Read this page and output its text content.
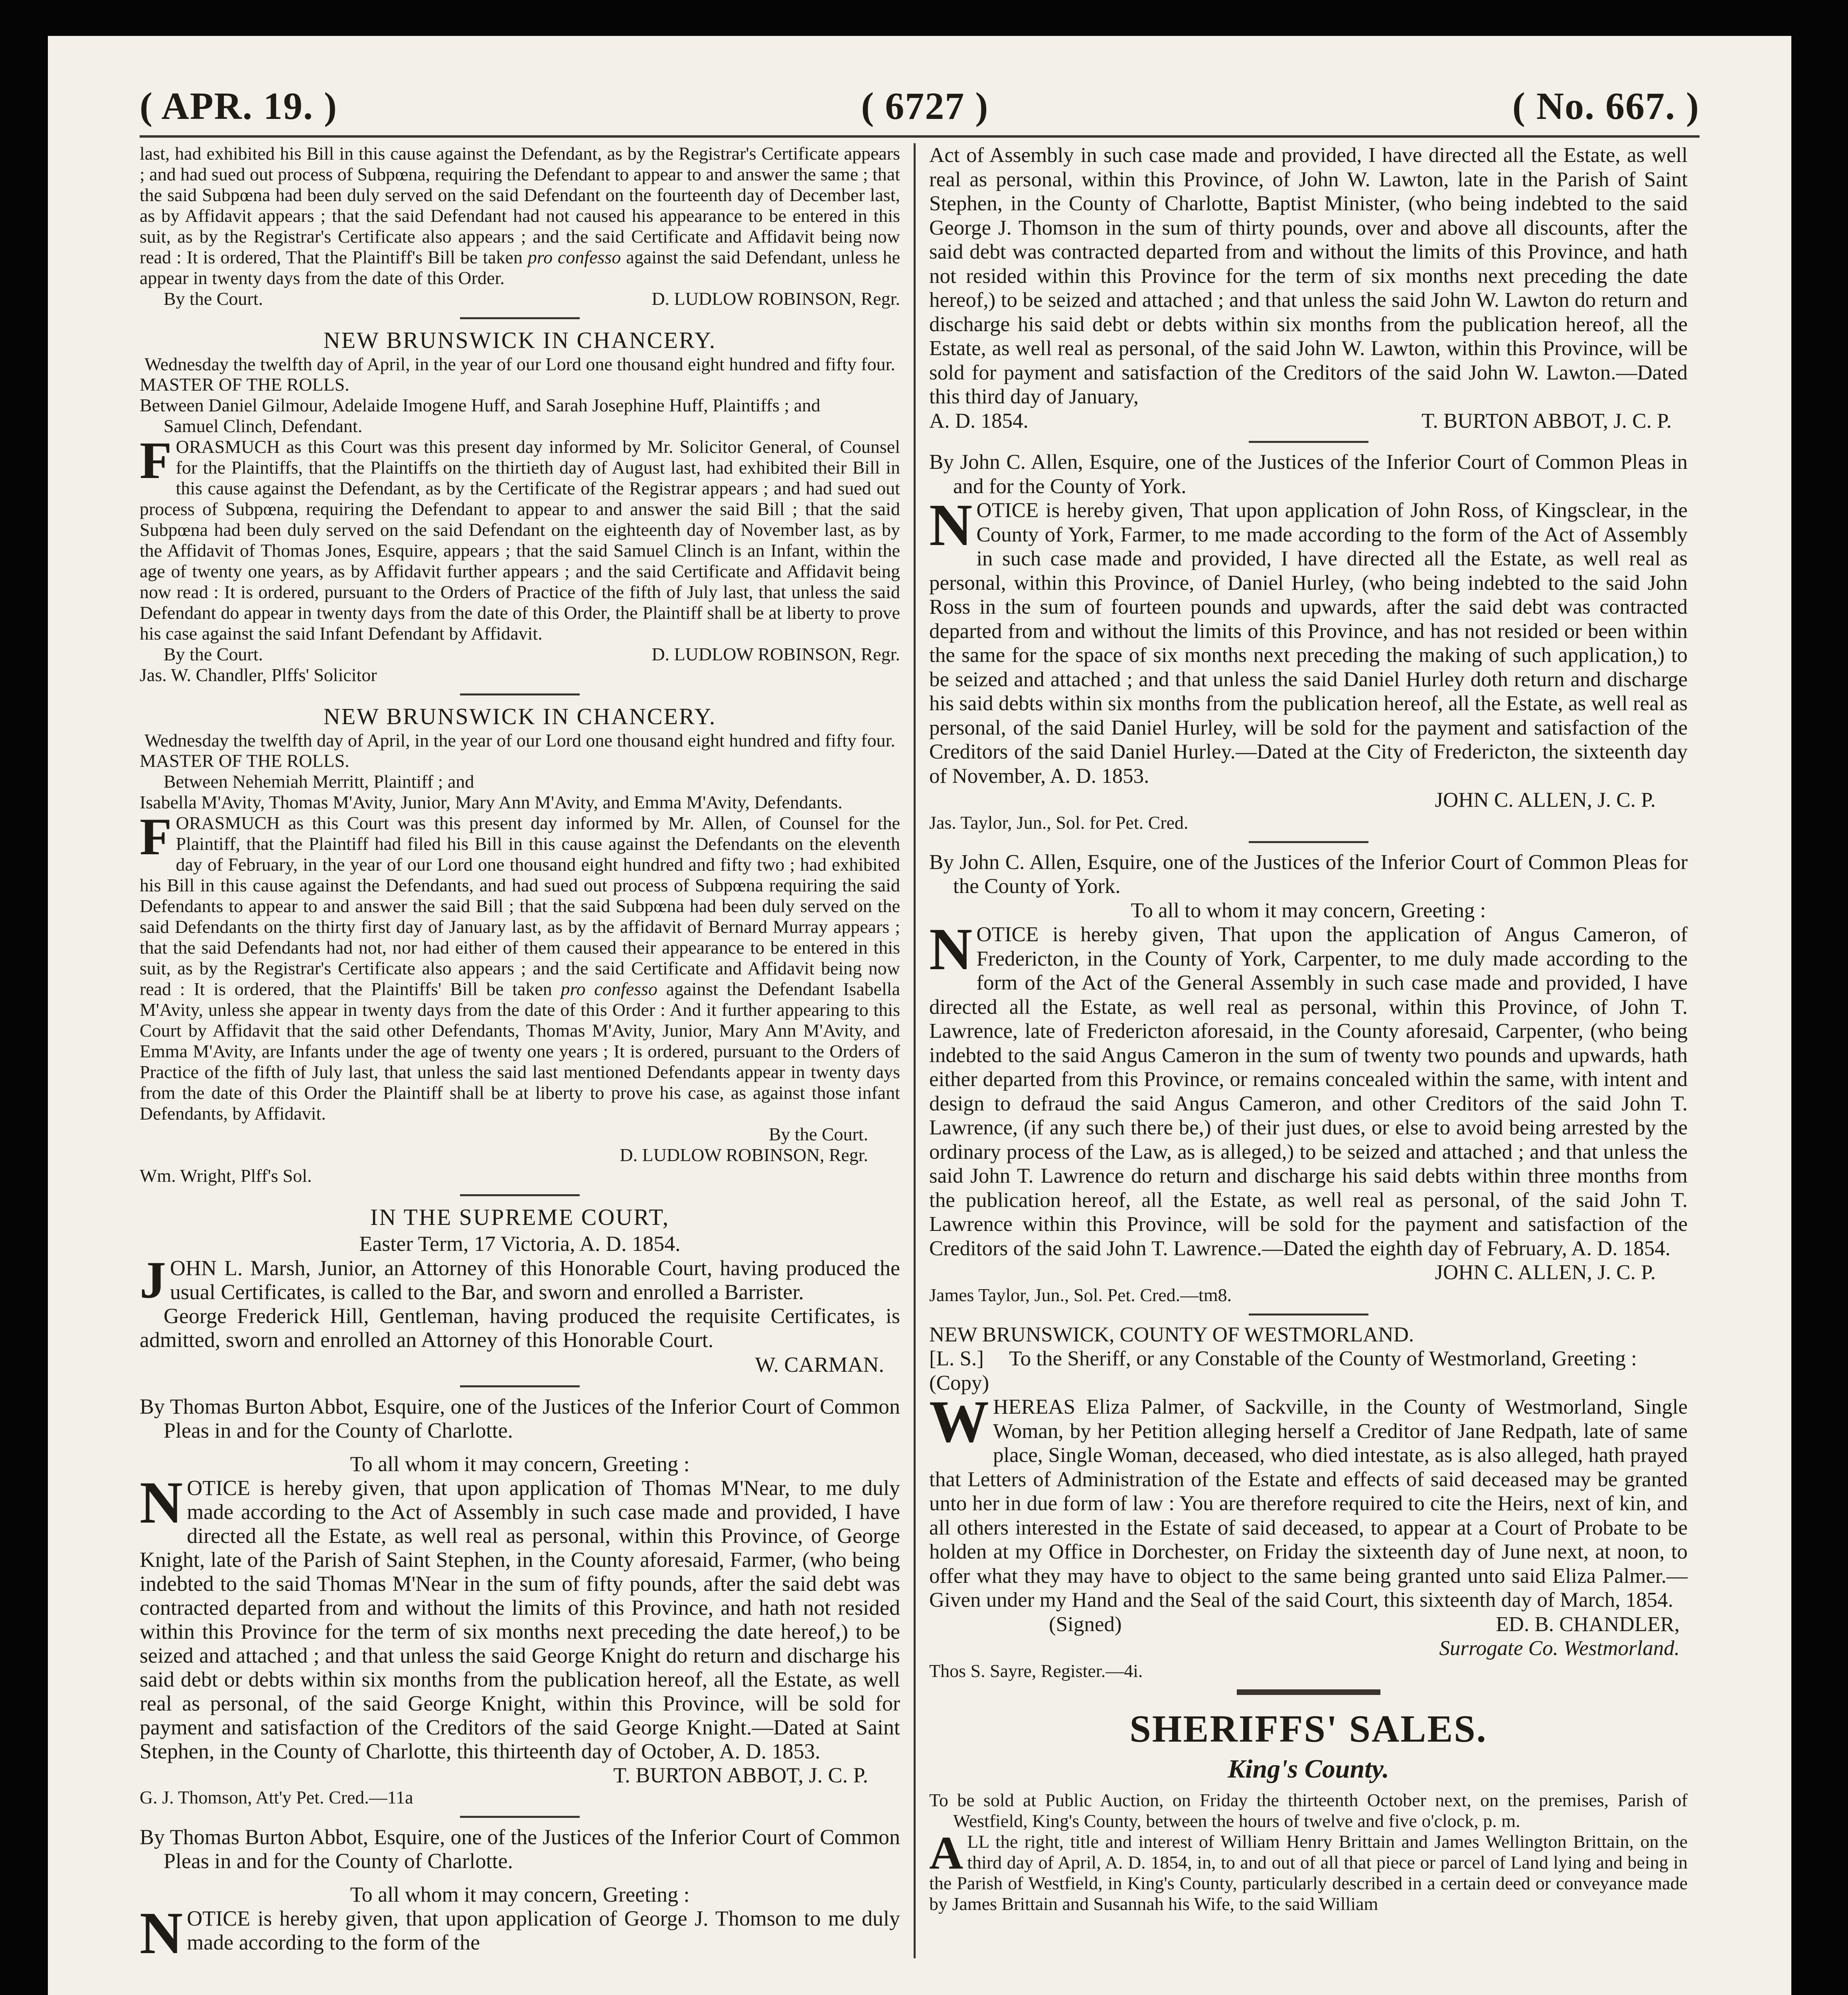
( APR. 19. )	( 6727 )	( No. 667. )

last, had exhibited his Bill in this cause against the Defendant, as by the Registrar's Certificate appears ; and had sued out process of Subpœna, requiring the Defendant to appear to and answer the same ; that the said Subpœna had been duly served on the said Defendant on the fourteenth day of December last, as by Affidavit appears ; that the said Defendant had not caused his appearance to be entered in this suit, as by the Registrar's Certificate also appears ; and the said Certificate and Affidavit being now read : It is ordered, That the Plaintiff's Bill be taken pro confesso against the said Defendant, unless he appear in twenty days from the date of this Order.

By the Court.	D. LUDLOW ROBINSON, Regr.
NEW BRUNSWICK IN CHANCERY.
Wednesday the twelfth day of April, in the year of our Lord one thousand eight hundred and fifty four.

MASTER OF THE ROLLS.

Between Daniel Gilmour, Adelaide Imogene Huff, and Sarah Josephine Huff, Plaintiffs ; and

Samuel Clinch, Defendant.

FORASMUCH as this Court was this present day informed by Mr. Solicitor General, of Counsel for the Plaintiffs, that the Plaintiffs on the thirtieth day of August last, had exhibited their Bill in this cause against the Defendant, as by the Certificate of the Registrar appears ; and had sued out process of Subpœna, requiring the Defendant to appear to and answer the said Bill ; that the said Subpœna had been duly served on the said Defendant on the eighteenth day of November last, as by the Affidavit of Thomas Jones, Esquire, appears ; that the said Samuel Clinch is an Infant, within the age of twenty one years, as by Affidavit further appears ; and the said Certificate and Affidavit being now read : It is ordered, pursuant to the Orders of Practice of the fifth of July last, that unless the said Defendant do appear in twenty days from the date of this Order, the Plaintiff shall be at liberty to prove his case against the said Infant Defendant by Affidavit.

By the Court.	D. LUDLOW ROBINSON, Regr.

Jas. W. Chandler, Plffs' Solicitor

NEW BRUNSWICK IN CHANCERY.
Wednesday the twelfth day of April, in the year of our Lord one thousand eight hundred and fifty four.

MASTER OF THE ROLLS.

Between Nehemiah Merritt, Plaintiff ; and

Isabella M'Avity, Thomas M'Avity, Junior, Mary Ann M'Avity, and Emma M'Avity, Defendants.

FORASMUCH as this Court was this present day informed by Mr. Allen, of Counsel for the Plaintiff, that the Plaintiff had filed his Bill in this cause against the Defendants on the eleventh day of February, in the year of our Lord one thousand eight hundred and fifty two ; had exhibited his Bill in this cause against the Defendants, and had sued out process of Subpœna requiring the said Defendants to appear to and answer the said Bill ; that the said Subpœna had been duly served on the said Defendants on the thirty first day of January last, as by the affidavit of Bernard Murray appears ; that the said Defendants had not, nor had either of them caused their appearance to be entered in this suit, as by the Registrar's Certificate also appears ; and the said Certificate and Affidavit being now read : It is ordered, that the Plaintiffs' Bill be taken pro confesso against the Defendant Isabella M'Avity, unless she appear in twenty days from the date of this Order : And it further appearing to this Court by Affidavit that the said other Defendants, Thomas M'Avity, Junior, Mary Ann M'Avity, and Emma M'Avity, are Infants under the age of twenty one years ; It is ordered, pursuant to the Orders of Practice of the fifth of July last, that unless the said last mentioned Defendants appear in twenty days from the date of this Order the Plaintiff shall be at liberty to prove his case, as against those infant Defendants, by Affidavit.

By the Court.

D. LUDLOW ROBINSON, Regr.

Wm. Wright, Plff's Sol.

IN THE SUPREME COURT,
Easter Term, 17 Victoria, A. D. 1854.

JOHN L. Marsh, Junior, an Attorney of this Honorable Court, having produced the usual Certificates, is called to the Bar, and sworn and enrolled a Barrister.

George Frederick Hill, Gentleman, having produced the requisite Certificates, is admitted, sworn and enrolled an Attorney of this Honorable Court.

W. CARMAN.

By Thomas Burton Abbot, Esquire, one of the Justices of the Inferior Court of Common Pleas in and for the County of Charlotte.

To all whom it may concern, Greeting :

NOTICE is hereby given, that upon application of Thomas M'Near, to me duly made according to the Act of Assembly in such case made and provided, I have directed all the Estate, as well real as personal, within this Province, of George Knight, late of the Parish of Saint Stephen, in the County aforesaid, Farmer, (who being indebted to the said Thomas M'Near in the sum of fifty pounds, after the said debt was contracted departed from and without the limits of this Province, and hath not resided within this Province for the term of six months next preceding the date hereof,) to be seized and attached ; and that unless the said George Knight do return and discharge his said debt or debts within six months from the publication hereof, all the Estate, as well real as personal, of the said George Knight, within this Province, will be sold for payment and satisfaction of the Creditors of the said George Knight.—Dated at Saint Stephen, in the County of Charlotte, this thirteenth day of October, A. D. 1853.

T. BURTON ABBOT, J. C. P.

G. J. Thomson, Att'y Pet. Cred.—11a

By Thomas Burton Abbot, Esquire, one of the Justices of the Inferior Court of Common Pleas in and for the County of Charlotte.

To all whom it may concern, Greeting :

NOTICE is hereby given, that upon application of George J. Thomson to me duly made according to the form of the

Act of Assembly in such case made and provided, I have directed all the Estate, as well real as personal, within this Province, of John W. Lawton, late in the Parish of Saint Stephen, in the County of Charlotte, Baptist Minister, (who being indebted to the said George J. Thomson in the sum of thirty pounds, over and above all discounts, after the said debt was contracted departed from and without the limits of this Province, and hath not resided within this Province for the term of six months next preceding the date hereof,) to be seized and attached ; and that unless the said John W. Lawton do return and discharge his said debt or debts within six months from the publication hereof, all the Estate, as well real as personal, of the said John W. Lawton, within this Province, will be sold for payment and satisfaction of the Creditors of the said John W. Lawton.—Dated this third day of January,

A. D. 1854.	T. BURTON ABBOT, J. C. P.

By John C. Allen, Esquire, one of the Justices of the Inferior Court of Common Pleas in and for the County of York.

NOTICE is hereby given, That upon application of John Ross, of Kingsclear, in the County of York, Farmer, to me made according to the form of the Act of Assembly in such case made and provided, I have directed all the Estate, as well real as personal, within this Province, of Daniel Hurley, (who being indebted to the said John Ross in the sum of fourteen pounds and upwards, after the said debt was contracted departed from and without the limits of this Province, and has not resided or been within the same for the space of six months next preceding the making of such application,) to be seized and attached ; and that unless the said Daniel Hurley doth return and discharge his said debts within six months from the publication hereof, all the Estate, as well real as personal, of the said Daniel Hurley, will be sold for the payment and satisfaction of the Creditors of the said Daniel Hurley.—Dated at the City of Fredericton, the sixteenth day of November, A. D. 1853.

JOHN C. ALLEN, J. C. P.

Jas. Taylor, Jun., Sol. for Pet. Cred.

By John C. Allen, Esquire, one of the Justices of the Inferior Court of Common Pleas for the County of York.

To all to whom it may concern, Greeting :

NOTICE is hereby given, That upon the application of Angus Cameron, of Fredericton, in the County of York, Carpenter, to me duly made according to the form of the Act of the General Assembly in such case made and provided, I have directed all the Estate, as well real as personal, within this Province, of John T. Lawrence, late of Fredericton aforesaid, in the County aforesaid, Carpenter, (who being indebted to the said Angus Cameron in the sum of twenty two pounds and upwards, hath either departed from this Province, or remains concealed within the same, with intent and design to defraud the said Angus Cameron, and other Creditors of the said John T. Lawrence, (if any such there be,) of their just dues, or else to avoid being arrested by the ordinary process of the Law, as is alleged,) to be seized and attached ; and that unless the said John T. Lawrence do return and discharge his said debts within three months from the publication hereof, all the Estate, as well real as personal, of the said John T. Lawrence within this Province, will be sold for the payment and satisfaction of the Creditors of the said John T. Lawrence.—Dated the eighth day of February, A. D. 1854.

JOHN C. ALLEN, J. C. P.

James Taylor, Jun., Sol. Pet. Cred.—tm8.

NEW BRUNSWICK, COUNTY OF WESTMORLAND.

[L. S.]

(Copy)

To the Sheriff, or any Constable of the County of Westmorland, Greeting :

WHEREAS Eliza Palmer, of Sackville, in the County of Westmorland, Single Woman, by her Petition alleging herself a Creditor of Jane Redpath, late of same place, Single Woman, deceased, who died intestate, as is also alleged, hath prayed that Letters of Administration of the Estate and effects of said deceased may be granted unto her in due form of law : You are therefore required to cite the Heirs, next of kin, and all others interested in the Estate of said deceased, to appear at a Court of Probate to be holden at my Office in Dorchester, on Friday the sixteenth day of June next, at noon, to offer what they may have to object to the same being granted unto said Eliza Palmer.—Given under my Hand and the Seal of the said Court, this sixteenth day of March, 1854.

(Signed)	ED. B. CHANDLER,

Surrogate Co. Westmorland.

Thos S. Sayre, Register.—4i.

SHERIFFS' SALES.
King's County.

To be sold at Public Auction, on Friday the thirteenth October next, on the premises, Parish of Westfield, King's County, between the hours of twelve and five o'clock, p. m.

ALL the right, title and interest of William Henry Brittain and James Wellington Brittain, on the third day of April, A. D. 1854, in, to and out of all that piece or parcel of Land lying and being in the Parish of Westfield, in King's County, particularly described in a certain deed or conveyance made by James Brittain and Susannah his Wife, to the said William
